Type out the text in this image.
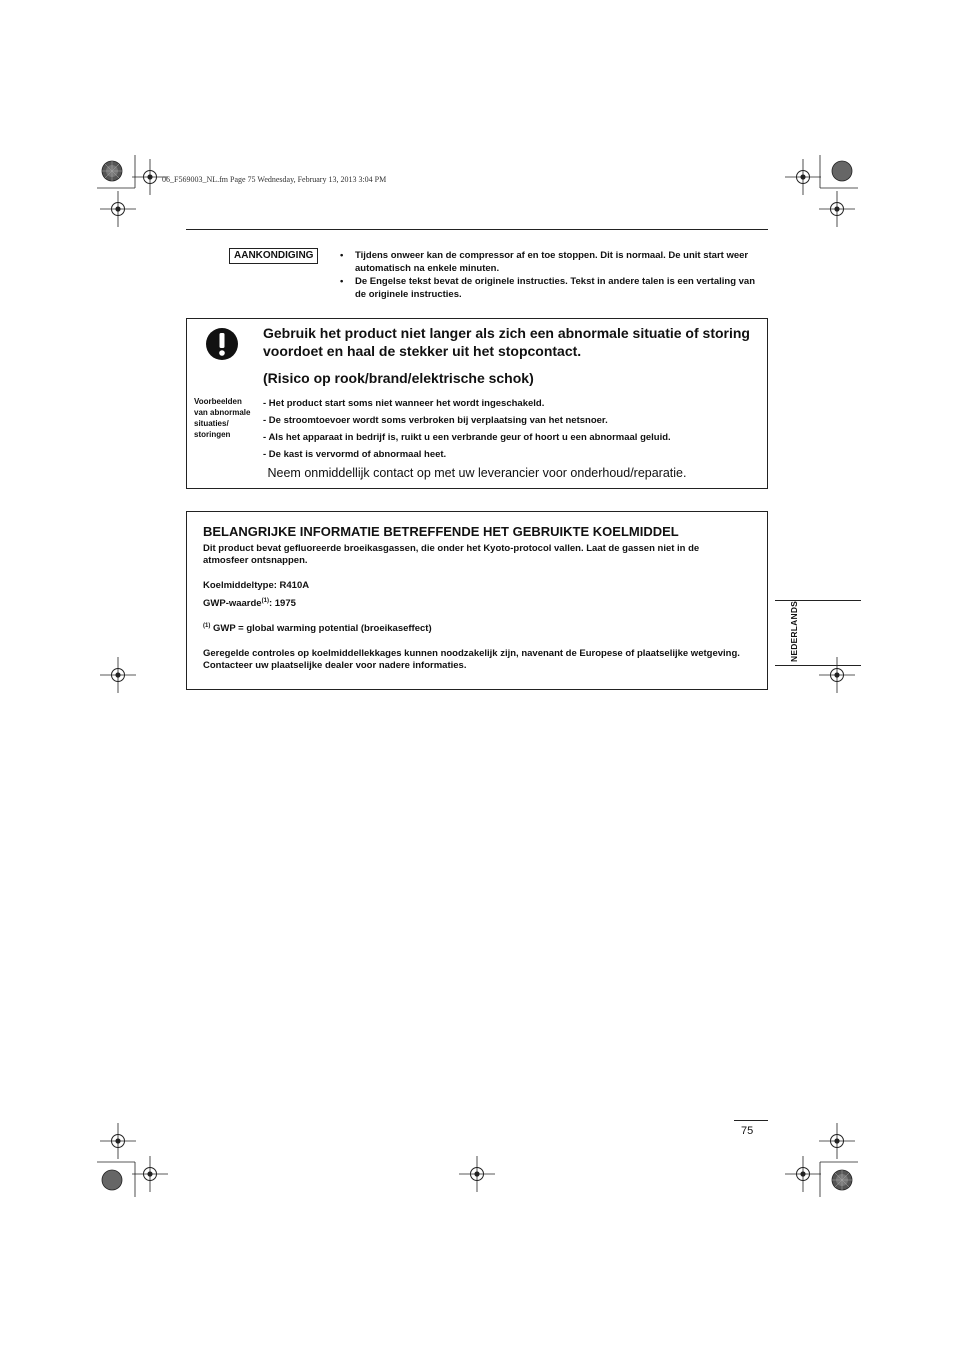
06_F569003_NL.fm Page 75 Wednesday, February 13, 2013 3:04 PM
AANKONDIGING	• Tijdens onweer kan de compressor af en toe stoppen. Dit is normaal. De unit start weer automatisch na enkele minuten.
• De Engelse tekst bevat de originele instructies. Tekst in andere talen is een vertaling van de originele instructies.
Gebruik het product niet langer als zich een abnormale situatie of storing voordoet en haal de stekker uit het stopcontact.
(Risico op rook/brand/elektrische schok)
Voorbeelden van abnormale situaties/ storingen
- Het product start soms niet wanneer het wordt ingeschakeld.
- De stroomtoevoer wordt soms verbroken bij verplaatsing van het netsnoer.
- Als het apparaat in bedrijf is, ruikt u een verbrande geur of hoort u een abnormaal geluid.
- De kast is vervormd of abnormaal heet.
Neem onmiddellijk contact op met uw leverancier voor onderhoud/reparatie.
BELANGRIJKE INFORMATIE BETREFFENDE HET GEBRUIKTE KOELMIDDEL
Dit product bevat gefluoreerde broeikasgassen, die onder het Kyoto-protocol vallen. Laat de gassen niet in de atmosfeer ontsnappen.
Koelmiddeltype: R410A
GWP-waarde$^{(1)}$: 1975
$^{(1)}$ GWP = global warming potential (broeikaseffect)
Geregelde controles op koelmiddellekkages kunnen noodzakelijk zijn, navenant de Europese of plaatselijke wetgeving. Contacteer uw plaatselijke dealer voor nadere informaties.
NEDERLANDS
75
